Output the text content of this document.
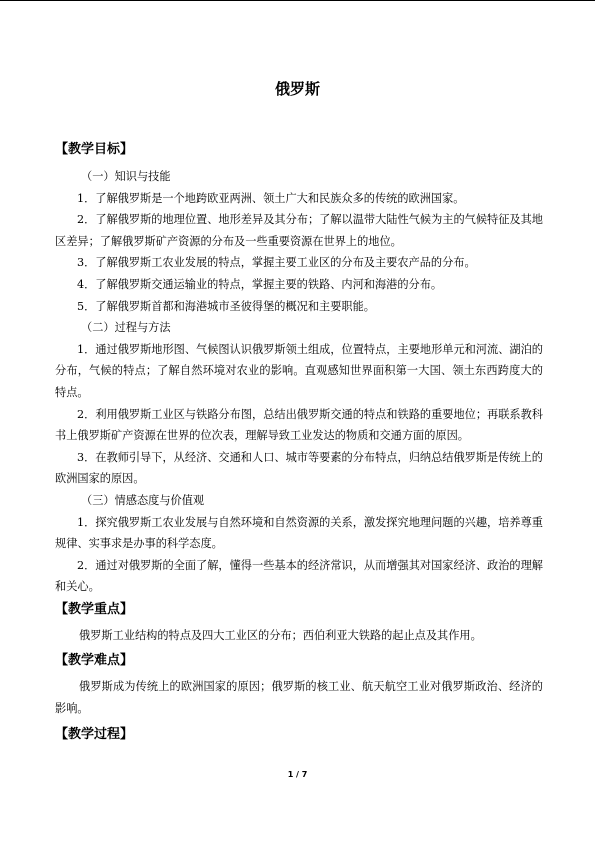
俄罗斯

【教学目标】

（一）知识与技能

1．了解俄罗斯是一个地跨欧亚两洲、领土广大和民族众多的传统的欧洲国家。

2．了解俄罗斯的地理位置、地形差异及其分布；了解以温带大陆性气候为主的气候特征及其地区差异；了解俄罗斯矿产资源的分布及一些重要资源在世界上的地位。

3．了解俄罗斯工农业发展的特点，掌握主要工业区的分布及主要农产品的分布。

4．了解俄罗斯交通运输业的特点，掌握主要的铁路、内河和海港的分布。

5．了解俄罗斯首都和海港城市圣彼得堡的概况和主要职能。

（二）过程与方法

1．通过俄罗斯地形图、气候图认识俄罗斯领土组成，位置特点，主要地形单元和河流、湖泊的分布，气候的特点；了解自然环境对农业的影响。直观感知世界面积第一大国、领土东西跨度大的特点。

2．利用俄罗斯工业区与铁路分布图，总结出俄罗斯交通的特点和铁路的重要地位；再联系教科书上俄罗斯矿产资源在世界的位次表，理解导致工业发达的物质和交通方面的原因。

3．在教师引导下，从经济、交通和人口、城市等要素的分布特点，归纳总结俄罗斯是传统上的欧洲国家的原因。

（三）情感态度与价值观

1．探究俄罗斯工农业发展与自然环境和自然资源的关系，激发探究地理问题的兴趣，培养尊重规律、实事求是办事的科学态度。

2．通过对俄罗斯的全面了解，懂得一些基本的经济常识，从而增强其对国家经济、政治的理解和关心。

【教学重点】

俄罗斯工业结构的特点及四大工业区的分布；西伯利亚大铁路的起止点及其作用。

【教学难点】

俄罗斯成为传统上的欧洲国家的原因；俄罗斯的核工业、航天航空工业对俄罗斯政治、经济的影响。

【教学过程】

1 / 7
